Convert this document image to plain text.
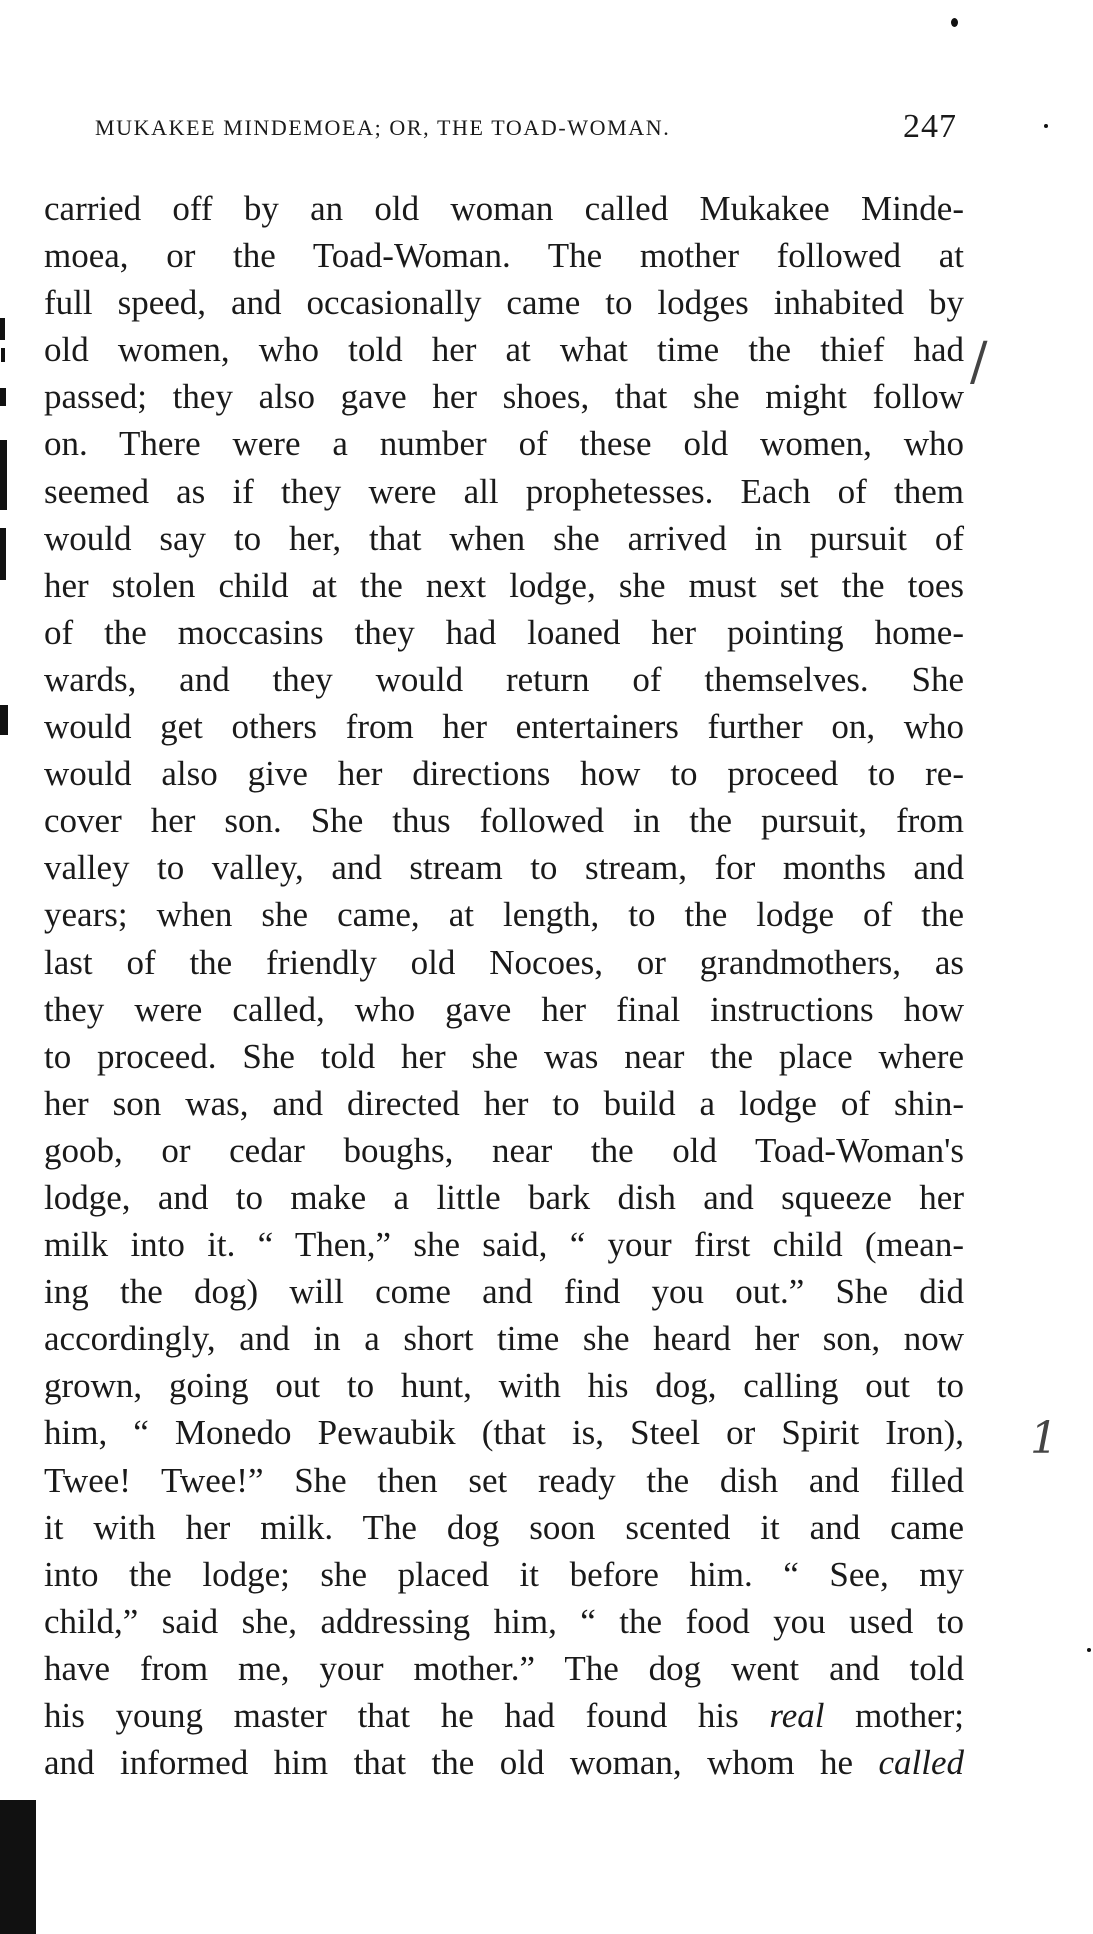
MUKAKEE MINDEMOEA; OR, THE TOAD-WOMAN.	247
carried off by an old woman called Mukakee Minde-
moea, or the Toad-Woman. The mother followed at
full speed, and occasionally came to lodges inhabited by
old women, who told her at what time the thief had
passed; they also gave her shoes, that she might follow
on. There were a number of these old women, who
seemed as if they were all prophetesses. Each of them
would say to her, that when she arrived in pursuit of
her stolen child at the next lodge, she must set the toes
of the moccasins they had loaned her pointing home-
wards, and they would return of themselves. She
would get others from her entertainers further on, who
would also give her directions how to proceed to re-
cover her son. She thus followed in the pursuit, from
valley to valley, and stream to stream, for months and
years; when she came, at length, to the lodge of the
last of the friendly old Nocoes, or grandmothers, as
they were called, who gave her final instructions how
to proceed. She told her she was near the place where
her son was, and directed her to build a lodge of shin-
goob, or cedar boughs, near the old Toad-Woman's
lodge, and to make a little bark dish and squeeze her
milk into it. “ Then,” she said, “ your first child (mean-
ing the dog) will come and find you out.” She did
accordingly, and in a short time she heard her son, now
grown, going out to hunt, with his dog, calling out to
him, “ Monedo Pewaubik (that is, Steel or Spirit Iron),
Twee! Twee!” She then set ready the dish and filled
it with her milk. The dog soon scented it and came
into the lodge; she placed it before him. “ See, my
child,” said she, addressing him, “ the food you used to
have from me, your mother.” The dog went and told
his young master that he had found his real mother;
and informed him that the old woman, whom he called
/
1
